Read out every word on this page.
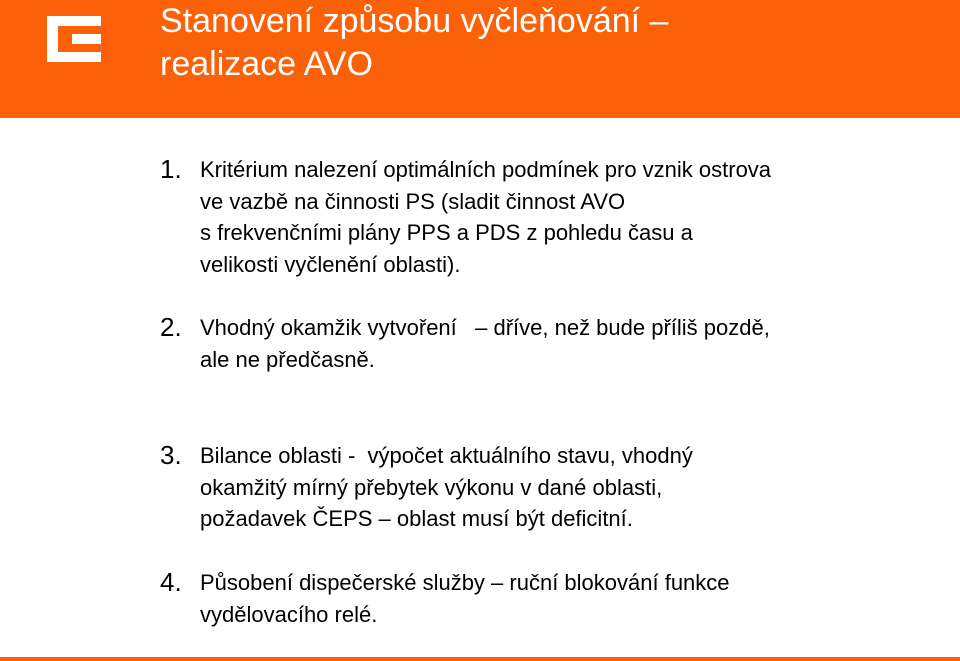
Stanovení způsobu vyčleňování –
realizace AVO
1. Kritérium nalezení optimálních podmínek pro vznik ostrova
ve vazbě na činnosti PS (sladit činnost AVO
s frekvenčními plány PPS a PDS z pohledu času a
velikosti vyčlenění oblasti).
2. Vhodný okamžik vytvoření   – dříve, než bude příliš pozdě,
ale ne předčasně.
3. Bilance oblasti -  výpočet aktuálního stavu, vhodný
okamžitý mírný přebytek výkonu v dané oblasti,
požadavek ČEPS – oblast musí být deficitní.
4. Působení dispečerské služby – ruční blokování funkce
vydělovacího relé.
